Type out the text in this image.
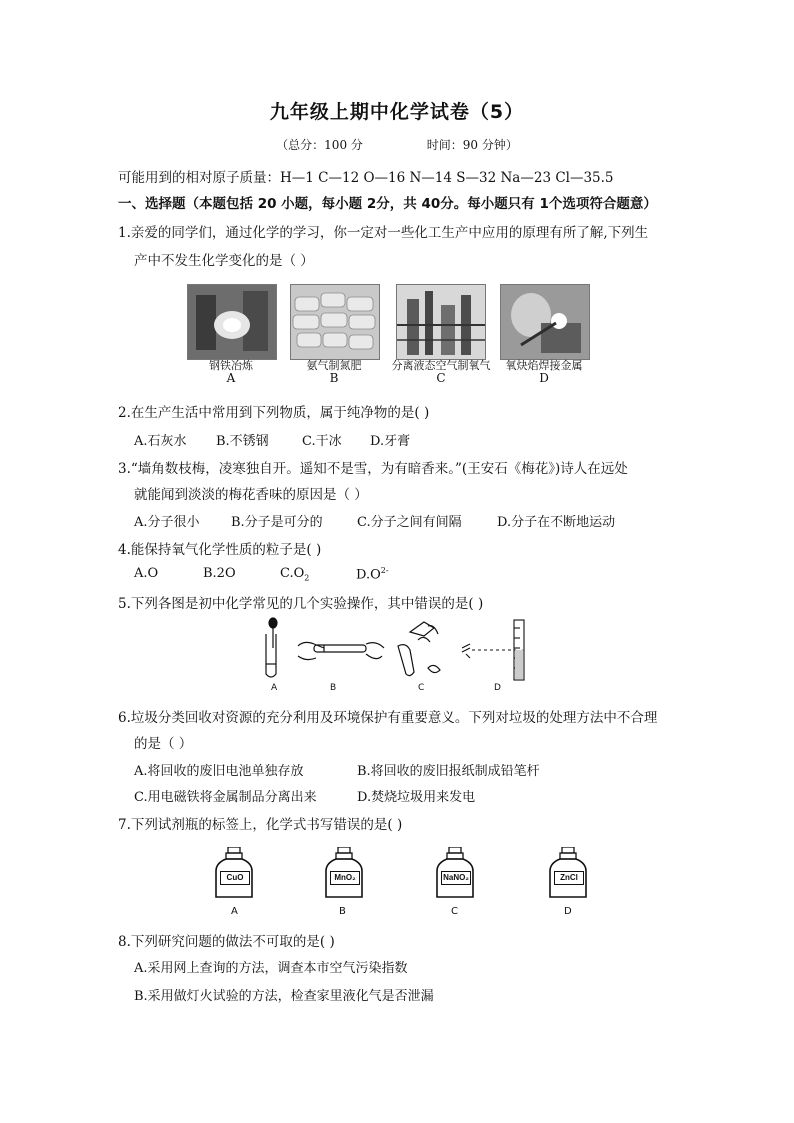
九年级上期中化学试卷（5）
（总分：100 分	时间：90 分钟）
可能用到的相对原子质量：H—1 C—12 O—16 N—14 S—32 Na—23 Cl—35.5
一、选择题（本题包括 20 小题，每小题 2分，共 40分。每小题只有 1个选项符合题意）
1.亲爱的同学们，通过化学的学习，你一定对一些化工生产中应用的原理有所了解,下列生
产中不发生化学变化的是（ ）
钢铁冶炼
A
氨气制氮肥
B
分离液态空气制氧气
C
氧炔焰焊接金属
D
2.在生产生活中常用到下列物质，属于纯净物的是( )
A.石灰水 B.不锈钢	C.干冰 D.牙膏
3.“墙角数枝梅，凌寒独自开。遥知不是雪，为有暗香来。”(王安石《梅花》)诗人在远处
就能闻到淡淡的梅花香味的原因是（ ）
A.分子很小 B.分子是可分的	C.分子之间有间隔	D.分子在不断地运动
4.能保持氧气化学性质的粒子是( )
A.O	B.2O	$C.O_2$	$D.O^{2-}$
5.下列各图是初中化学常见的几个实验操作，其中错误的是( )
A	B	C	D
6.垃圾分类回收对资源的充分利用及环境保护有重要意义。下列对垃圾的处理方法中不合理
的是（ ）
A.将回收的废旧电池单独存放	B.将回收的废旧报纸制成铅笔杆
C.用电磁铁将金属制品分离出来	D.焚烧垃圾用来发电
7.下列试剂瓶的标签上，化学式书写错误的是( )
CuO	MnO₂	NaNO₂	ZnCl
A	B	C	D
8.下列研究问题的做法不可取的是( )
A.采用网上查询的方法，调查本市空气污染指数
B.采用做灯火试验的方法，检查家里液化气是否泄漏
